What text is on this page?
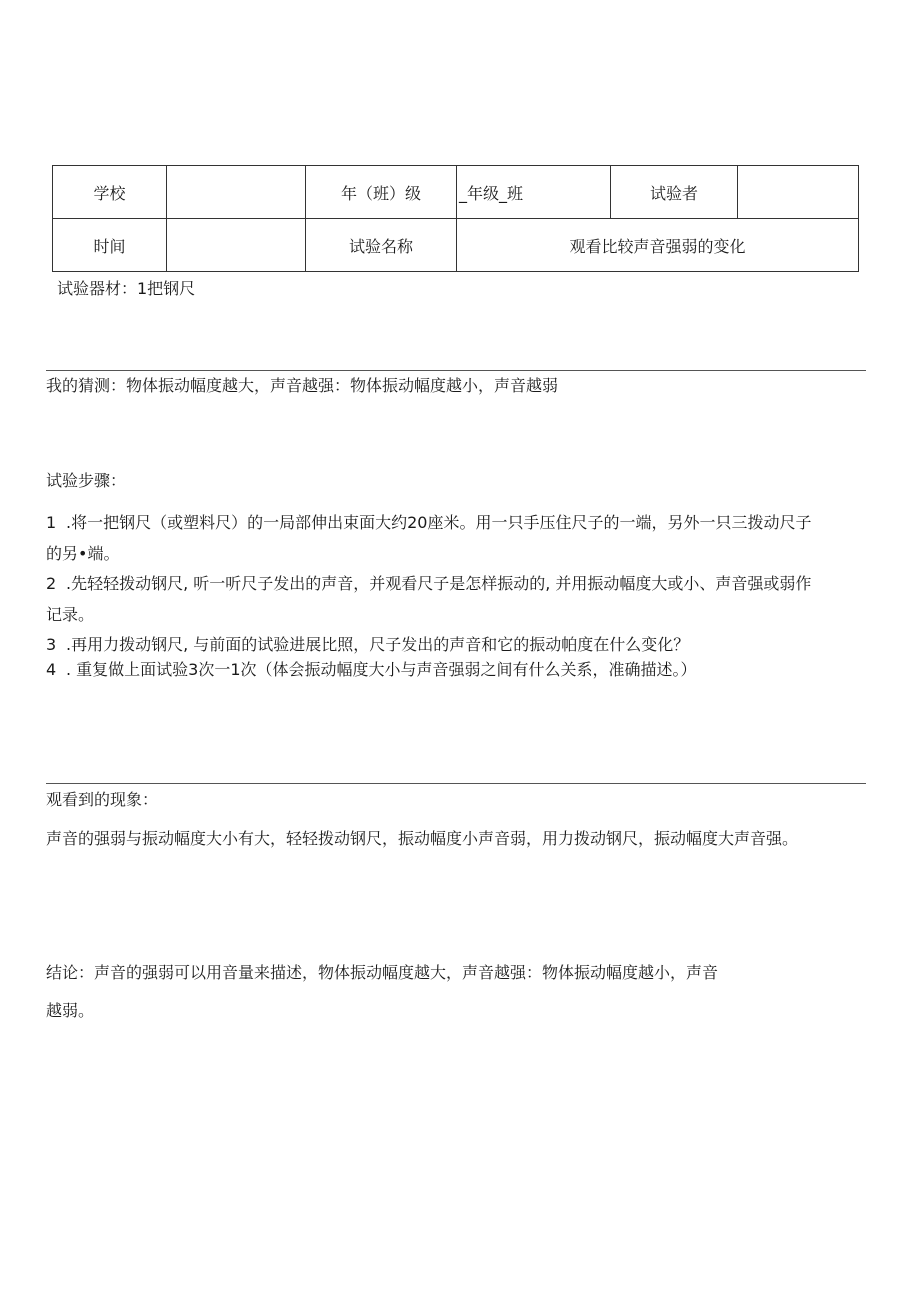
学校		年（班）级	_年级_班	试验者	
时间		试验名称	观看比较声音强弱的变化		
试验器材：1把钢尺
我的猜测：物体振动幅度越大，声音越强：物体振动幅度越小，声音越弱
试验步骤：
1 .将一把钢尺（或塑料尺）的一局部伸出束面大约20座米。用一只手压住尺子的一端，另外一只三拨动尺子
的另•端。
2 .先轻轻拨动钢尺, 听一听尺子发出的声音，并观看尺子是怎样振动的, 并用振动幅度大或小、声音强或弱作
记录。
3 .再用力拨动钢尺, 与前面的试验进展比照，尺子发出的声音和它的振动帕度在什么变化？
4 . 重复做上面试验3次一1次（体会振动幅度大小与声音强弱之间有什么关系，准确描述。）
观看到的现象：
声音的强弱与振动幅度大小有大，轻轻拨动钢尺，振动幅度小声音弱，用力拨动钢尺，振动幅度大声音强。
结论：声音的强弱可以用音量来描述，物体振动幅度越大，声音越强：物体振动幅度越小，声音
越弱。
